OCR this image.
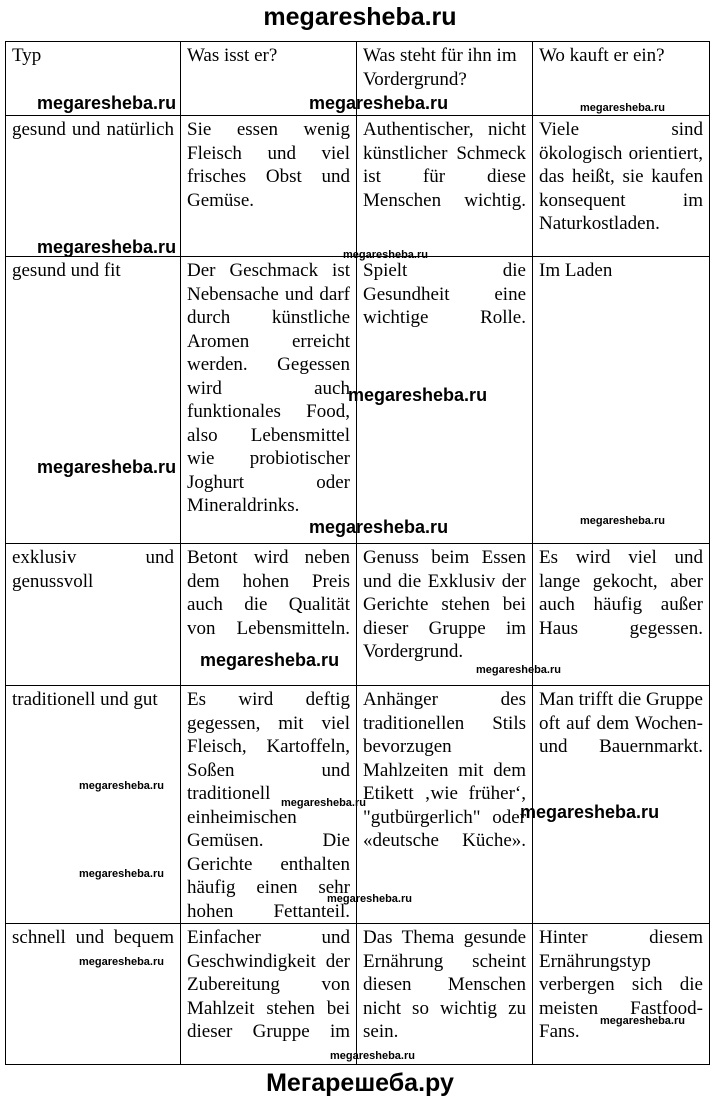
megaresheba.ru
Typ	Was isst er?	Was steht für ihn im Vordergrund?	Wo kauft er ein?
gesund und natürlich	Sie essen wenig Fleisch und viel frisches Obst und Gemüse.	Authentischer, nicht künstlicher Schmeck ist für diese Menschen wichtig.	Viele sind ökologisch orientiert, das heißt, sie kaufen konsequent im Naturkostladen.
gesund und fit	Der Geschmack ist Nebensache und darf durch künstliche Aromen erreicht werden. Gegessen wird auch funktionales Food, also Lebensmittel wie probiotischer Joghurt oder Mineraldrinks.	Spielt die Gesundheit eine wichtige Rolle.	Im Laden
exklusiv und genussvoll	Betont wird neben dem hohen Preis auch die Qualität von Lebensmitteln.	Genuss beim Essen und die Exklusiv der Gerichte stehen bei dieser Gruppe im Vordergrund.	Es wird viel und lange gekocht, aber auch häufig außer Haus gegessen.
traditionell und gut	Es wird deftig gegessen, mit viel Fleisch, Kartoffeln, Soßen und traditionell einheimischen Gemüsen. Die Gerichte enthalten häufig einen sehr hohen Fettanteil.	Anhänger des traditionellen Stils bevorzugen Mahlzeiten mit dem Etikett ‚wie früher‘, "gutbürgerlich" oder «deutsche Küche».	Man trifft die Gruppe oft auf dem Wochen- und Bauernmarkt.
schnell und bequem	Einfacher und Geschwindigkeit der Zubereitung von Mahlzeit stehen bei dieser Gruppe im	Das Thema gesunde Ernährung scheint diesen Menschen nicht so wichtig zu sein.	Hinter diesem Ernährungstyp verbergen sich die meisten Fastfood-Fans.
megaresheba.ru	megaresheba.ru	megaresheba.ru
megaresheba.ru	megaresheba.ru
megaresheba.ru
megaresheba.ru
megaresheba.ru	megaresheba.ru
megaresheba.ru	megaresheba.ru
megaresheba.ru
megaresheba.ru	megaresheba.ru
megaresheba.ru
megaresheba.ru
megaresheba.ru
megaresheba.ru
Мегарешеба.ру
megaresheba.ru
